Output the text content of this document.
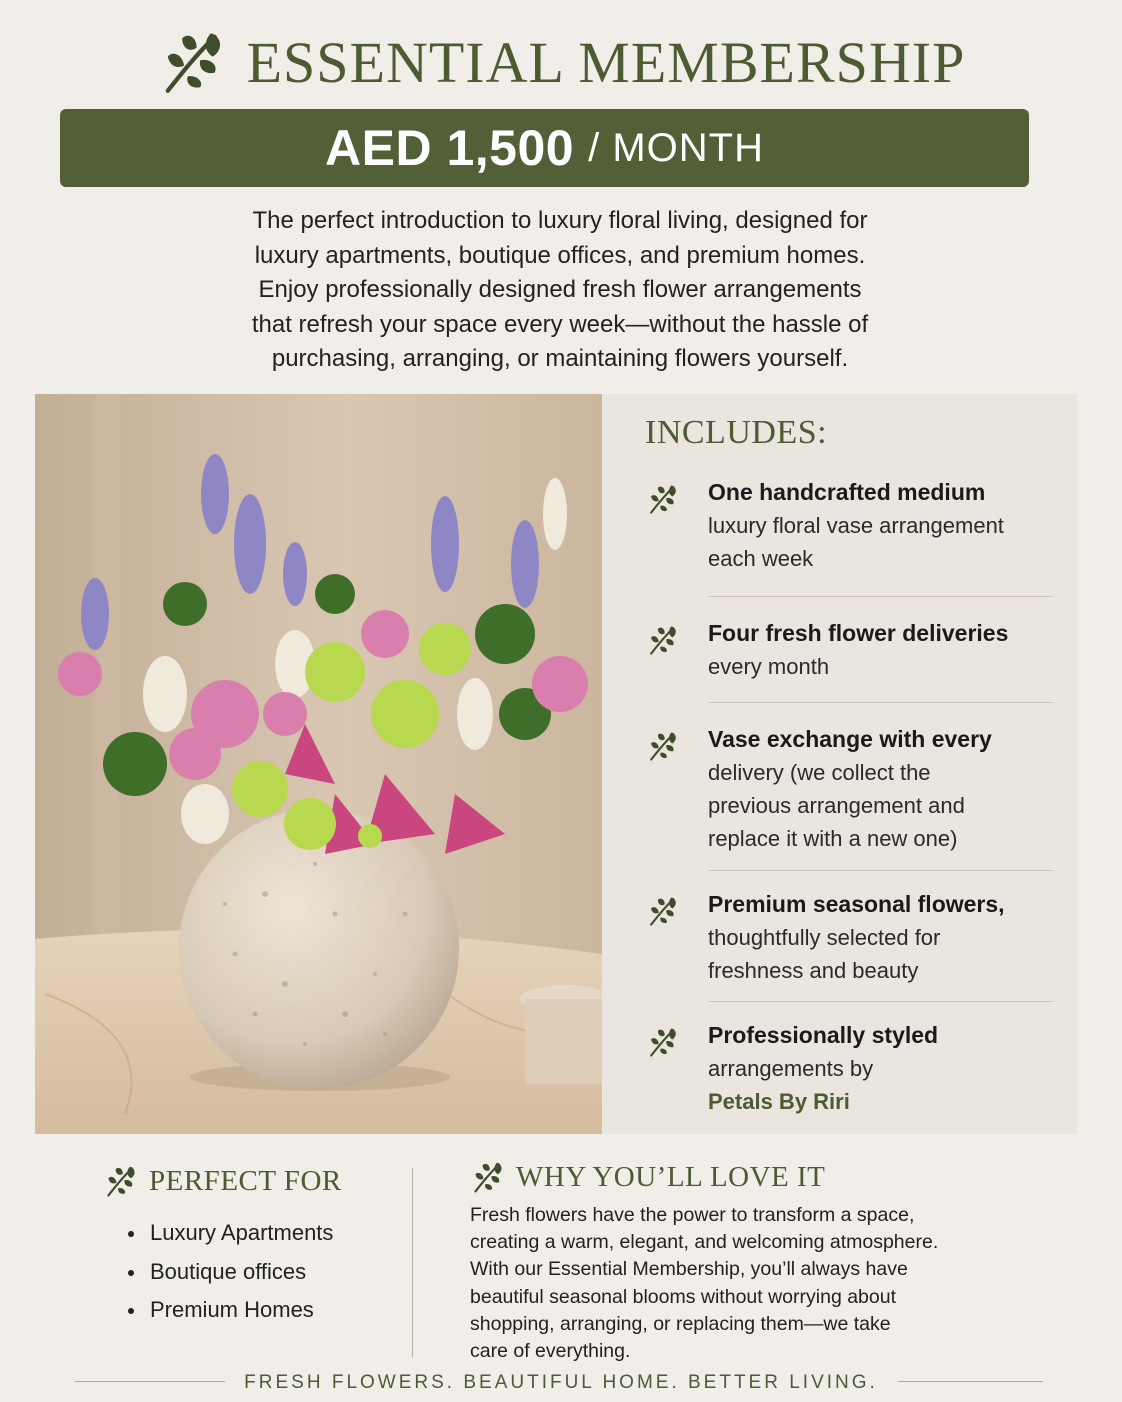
ESSENTIAL MEMBERSHIP
AED 1,500 / MONTH
The perfect introduction to luxury floral living, designed for
luxury apartments, boutique offices, and premium homes.
Enjoy professionally designed fresh flower arrangements
that refresh your space every week—without the hassle of
purchasing, arranging, or maintaining flowers yourself.
INCLUDES:
One handcrafted medium
luxury floral vase arrangement
each week
Four fresh flower deliveries
every month
Vase exchange with every
delivery (we collect the
previous arrangement and
replace it with a new one)
Premium seasonal flowers,
thoughtfully selected for
freshness and beauty
Professionally styled
arrangements by
Petals By Riri
PERFECT FOR
Luxury Apartments
Boutique offices
Premium Homes
WHY YOU’LL LOVE IT
Fresh flowers have the power to transform a space,
creating a warm, elegant, and welcoming atmosphere.
With our Essential Membership, you’ll always have
beautiful seasonal blooms without worrying about
shopping, arranging, or replacing them—we take
care of everything.
FRESH FLOWERS. BEAUTIFUL HOME. BETTER LIVING.
